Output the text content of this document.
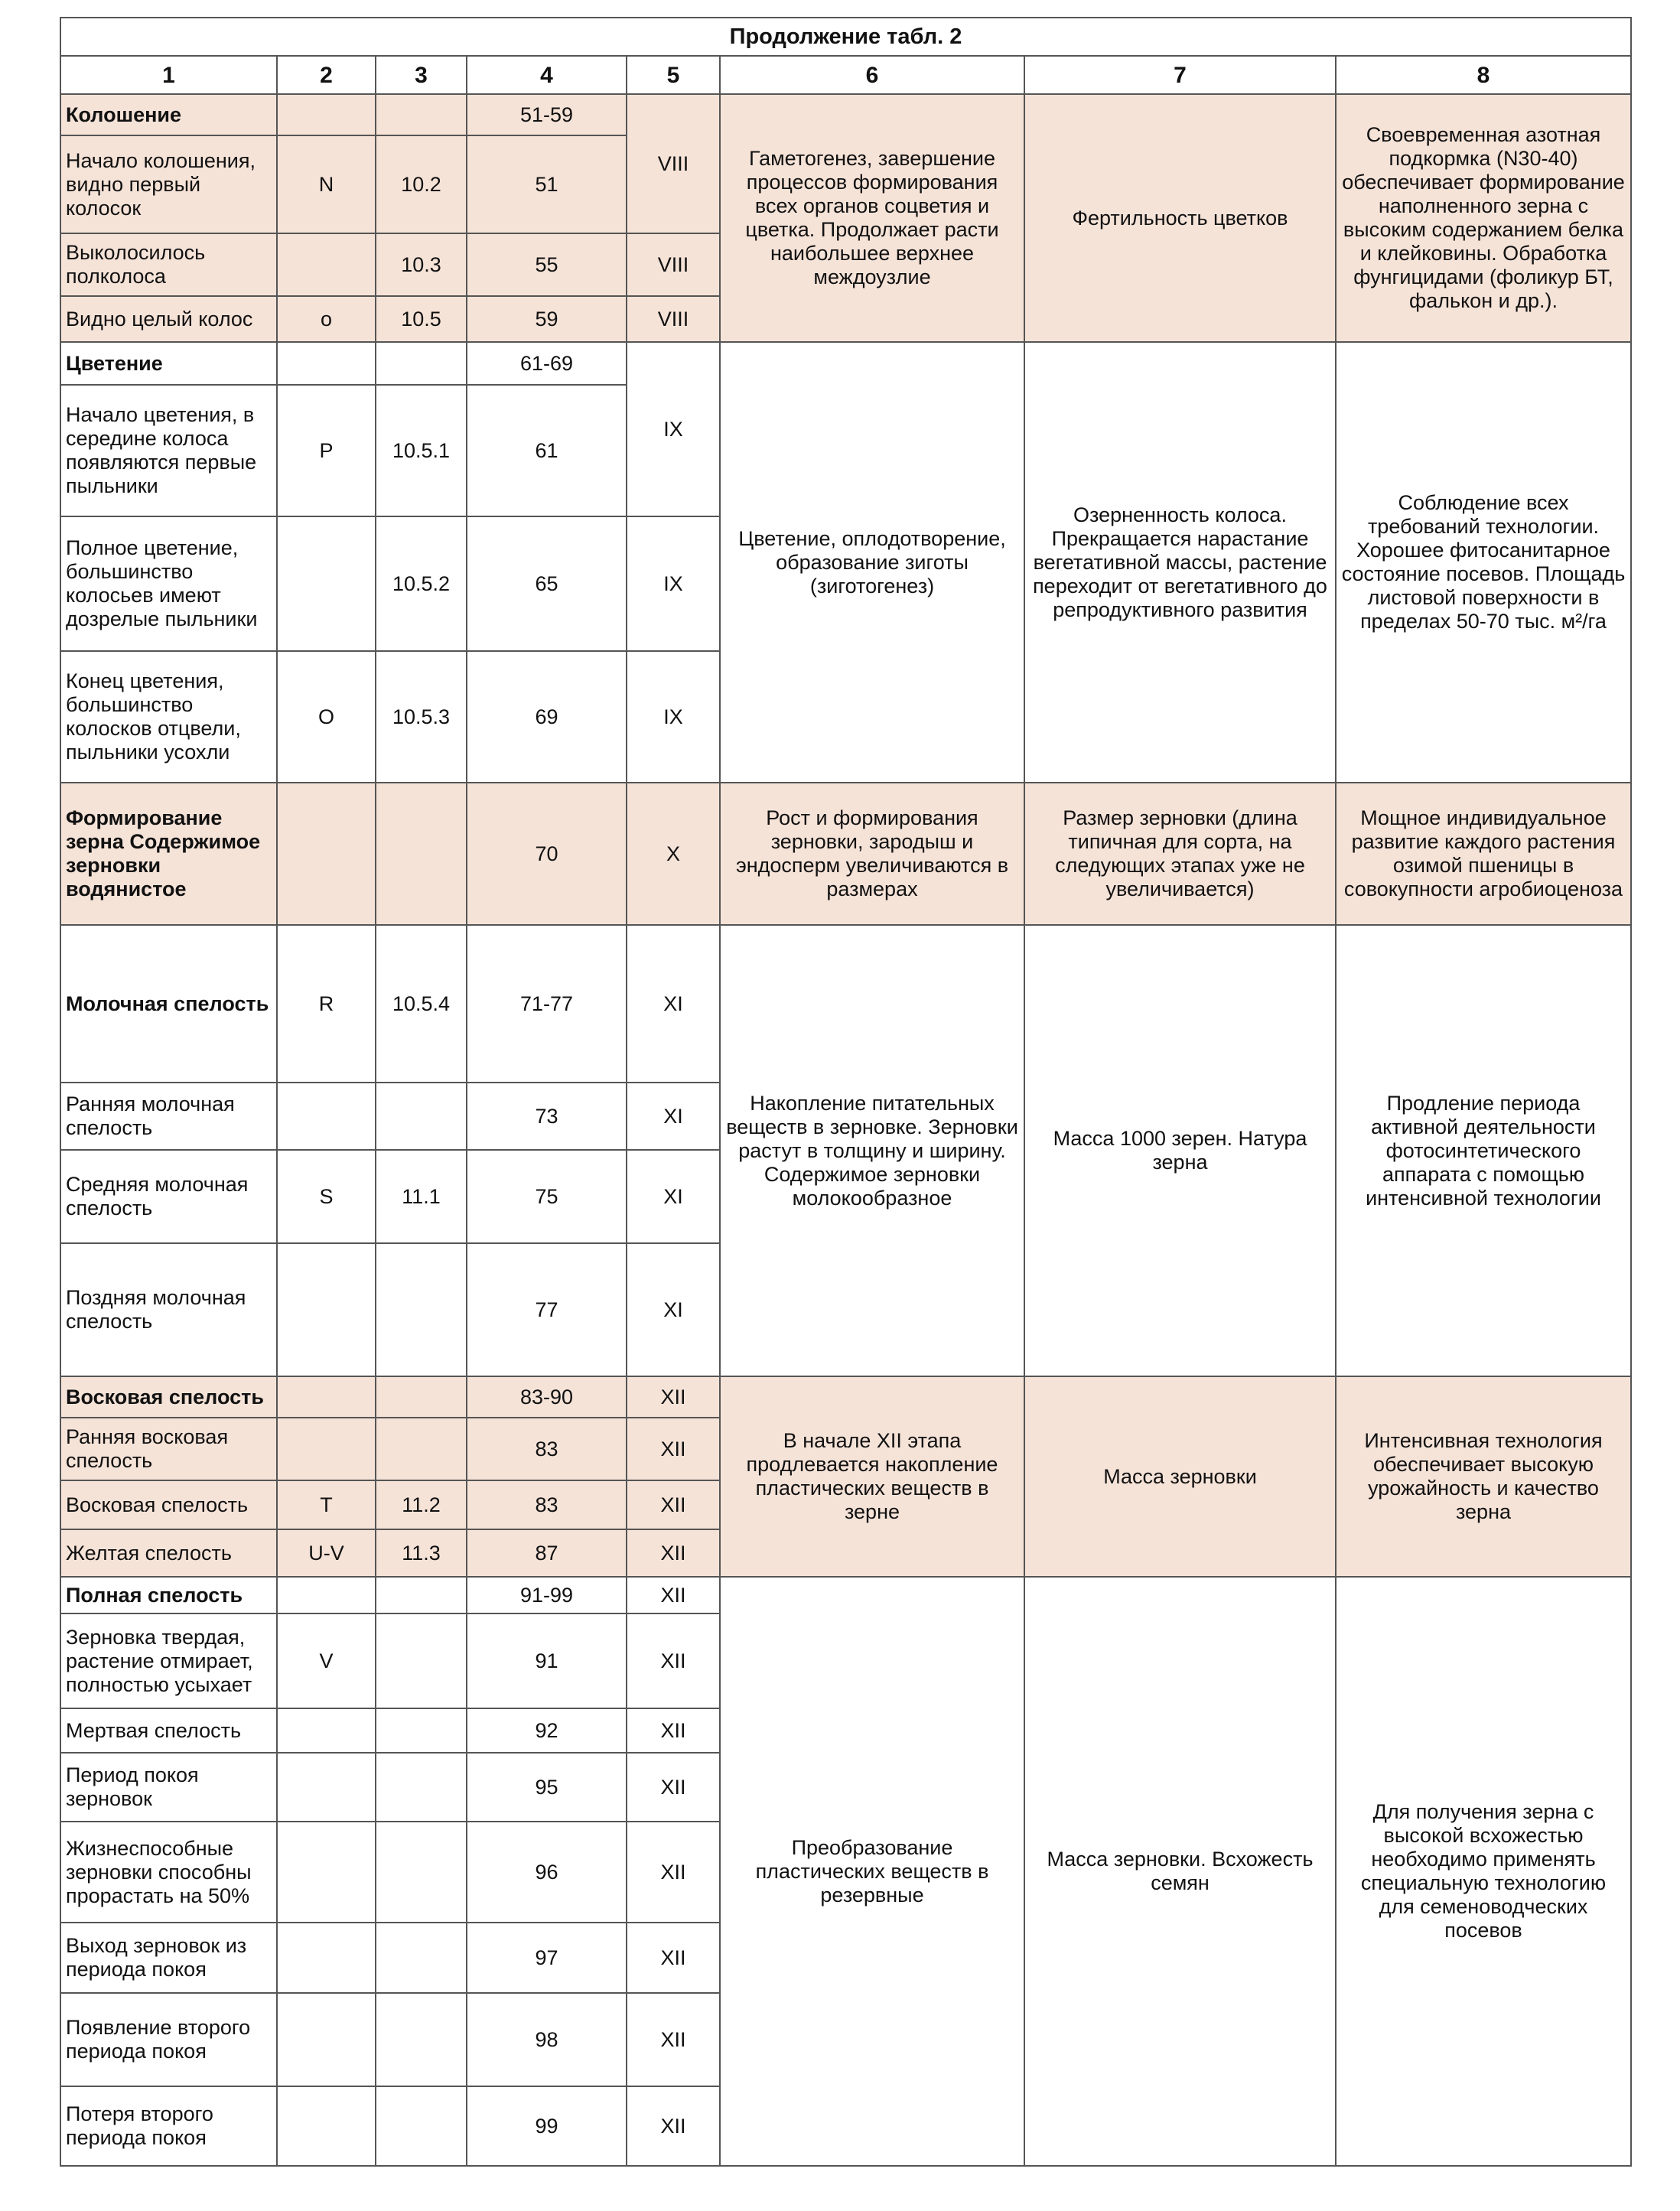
Продолжение табл. 2							
1	2	3	4	5	6	7	8
Колошение			51-59	VIII	Гаметогенез, завершение процессов формирования всех органов соцветия и цветка. Продолжает расти наибольшее верхнее междоузлие	Фертильность цветков	Своевременная азотная подкормка (N30-40) обеспечивает формирование наполненного зерна с высоким содержанием белка и клейковины. Обработка фунгицидами (фоликур БТ, фалькон и др.).
Начало колошения, видно первый колосок	N	10.2	51				
Выколосилось полколоса		10.3	55	VIII			
Видно целый колос	o	10.5	59	VIII			
Цветение			61-69	IX	Цветение, оплодотворение, образование зиготы (зиготогенез)	Озерненность колоса. Прекращается нарастание вегетативной массы, растение переходит от вегетативного до репродуктивного развития	Соблюдение всех требований технологии. Хорошее фитосанитарное состояние посевов. Площадь листовой поверхности в пределах 50-70 тыс. м²/га
Начало цветения, в середине колоса появляются первые пыльники	P	10.5.1	61				
Полное цветение, большинство колосьев имеют дозрелые пыльники		10.5.2	65	IX			
Конец цветения, большинство колосков отцвели, пыльники усохли	O	10.5.3	69	IX			
Формирование зерна Содержимое зерновки водянистое			70	X	Рост и формирования зерновки, зародыш и эндосперм увеличиваются в размерах	Размер зерновки (длина типичная для сорта, на следующих этапах уже не увеличивается)	Мощное индивидуальное развитие каждого растения озимой пшеницы в совокупности агробиоценоза
Молочная спелость	R	10.5.4	71-77	XI	Накопление питательных веществ в зерновке. Зерновки растут в толщину и ширину. Содержимое зерновки молокообразное	Масса 1000 зерен. Натура зерна	Продление периода активной деятельности фотосинтетического аппарата с помощью интенсивной технологии
Ранняя молочная спелость			73	XI			
Средняя молочная спелость	S	11.1	75	XI			
Поздняя молочная спелость			77	XI			
Восковая спелость			83-90	XII	В начале XII этапа продлевается накопление пластических веществ в зерне	Масса зерновки	Интенсивная технология обеспечивает высокую урожайность и качество зерна
Ранняя восковая спелость			83	XII			
Восковая спелость	T	11.2	83	XII			
Желтая спелость	U-V	11.3	87	XII			
Полная спелость			91-99	XII	Преобразование пластических веществ в резервные	Масса зерновки. Всхожесть семян	Для получения зерна с высокой всхожестью необходимо применять специальную технологию для семеноводческих посевов
Зерновка твердая, растение отмирает, полностью усыхает	V		91	XII			
Мертвая спелость			92	XII			
Период покоя зерновок			95	XII			
Жизнеспособные зерновки способны прорастать на 50%			96	XII			
Выход зерновок из периода покоя			97	XII			
Появление второго периода покоя			98	XII			
Потеря второго периода покоя			99	XII			
